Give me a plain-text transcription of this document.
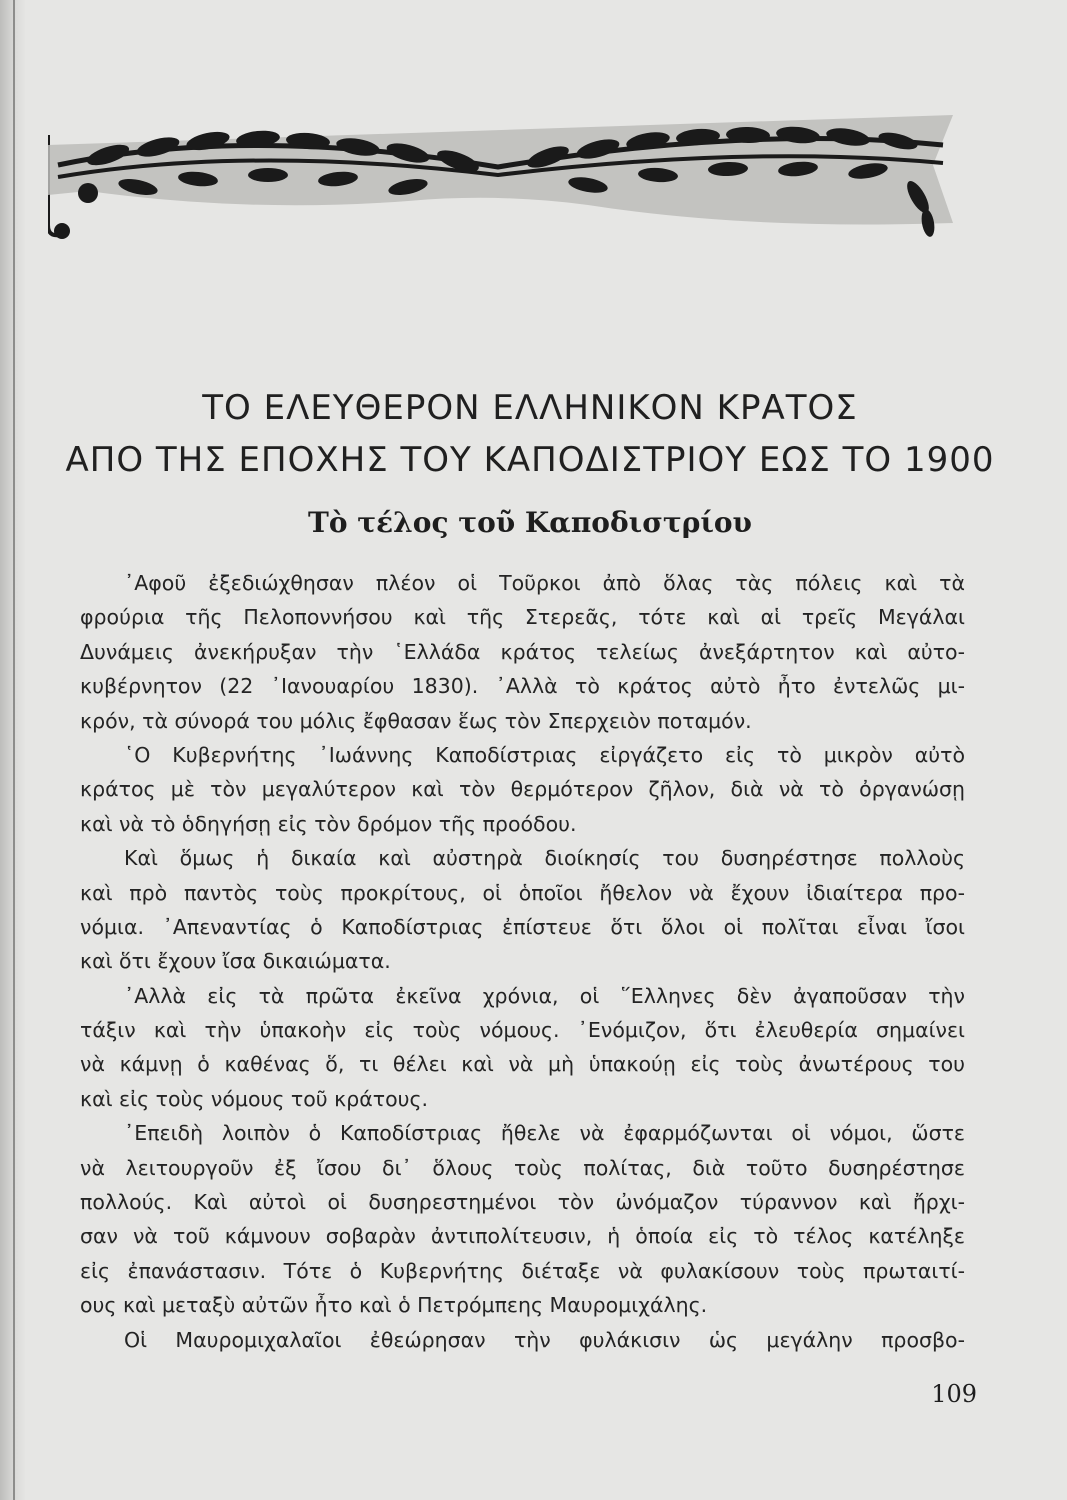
ΤΟ ΕΛΕΥΘΕΡΟΝ ΕΛΛΗΝΙΚΟΝ ΚΡΑΤΟΣ
ΑΠΟ ΤΗΣ ΕΠΟΧΗΣ ΤΟΥ ΚΑΠΟΔΙΣΤΡΙΟΥ ΕΩΣ ΤΟ 1900
Τὸ τέλος τοῦ Καποδιστρίου
᾿Αφοῦ ἐξεδιώχθησαν πλέον οἱ Τοῦρκοι ἀπὸ ὅλας τὰς πόλεις καὶ τὰ
φρούρια τῆς Πελοποννήσου καὶ τῆς Στερεᾶς, τότε καὶ αἱ τρεῖς Μεγάλαι
Δυνάμεις ἀνεκήρυξαν τὴν ῾Ελλάδα κράτος τελείως ἀνεξάρτητον καὶ αὐτο-
κυβέρνητον (22 ᾿Ιανουαρίου 1830). ᾿Αλλὰ τὸ κράτος αὐτὸ ἦτο ἐντελῶς μι-
κρόν, τὰ σύνορά του μόλις ἔφθασαν ἕως τὸν Σπερχειὸν ποταμόν.
῾Ο Κυβερνήτης ᾿Ιωάννης Καποδίστριας εἰργάζετο εἰς τὸ μικρὸν αὐτὸ
κράτος μὲ τὸν μεγαλύτερον καὶ τὸν θερμότερον ζῆλον, διὰ νὰ τὸ ὀργανώσῃ
καὶ νὰ τὸ ὁδηγήσῃ εἰς τὸν δρόμον τῆς προόδου.
Καὶ ὅμως ἡ δικαία καὶ αὐστηρὰ διοίκησίς του δυσηρέστησε πολλοὺς
καὶ πρὸ παντὸς τοὺς προκρίτους, οἱ ὁποῖοι ἤθελον νὰ ἔχουν ἰδιαίτερα προ-
νόμια. ᾿Απεναντίας ὁ Καποδίστριας ἐπίστευε ὅτι ὅλοι οἱ πολῖται εἶναι ἴσοι
καὶ ὅτι ἔχουν ἴσα δικαιώματα.
᾿Αλλὰ εἰς τὰ πρῶτα ἐκεῖνα χρόνια, οἱ ῞Ελληνες δὲν ἀγαποῦσαν τὴν
τάξιν καὶ τὴν ὑπακοὴν εἰς τοὺς νόμους. ᾿Ενόμιζον, ὅτι ἐλευθερία σημαίνει
νὰ κάμνῃ ὁ καθένας ὅ, τι θέλει καὶ νὰ μὴ ὑπακούῃ εἰς τοὺς ἀνωτέρους του
καὶ εἰς τοὺς νόμους τοῦ κράτους.
᾿Επειδὴ λοιπὸν ὁ Καποδίστριας ἤθελε νὰ ἐφαρμόζωνται οἱ νόμοι, ὥστε
νὰ λειτουργοῦν ἐξ ἴσου δι᾿ ὅλους τοὺς πολίτας, διὰ τοῦτο δυσηρέστησε
πολλούς. Καὶ αὐτοὶ οἱ δυσηρεστημένοι τὸν ὠνόμαζον τύραννον καὶ ἤρχι-
σαν νὰ τοῦ κάμνουν σοβαρὰν ἀντιπολίτευσιν, ἡ ὁποία εἰς τὸ τέλος κατέληξε
εἰς ἐπανάστασιν. Τότε ὁ Κυβερνήτης διέταξε νὰ φυλακίσουν τοὺς πρωταιτί-
ους καὶ μεταξὺ αὐτῶν ἦτο καὶ ὁ Πετρόμπεης Μαυρομιχάλης.
Οἱ Μαυρομιχαλαῖοι ἐθεώρησαν τὴν φυλάκισιν ὡς μεγάλην προσβο-
109
